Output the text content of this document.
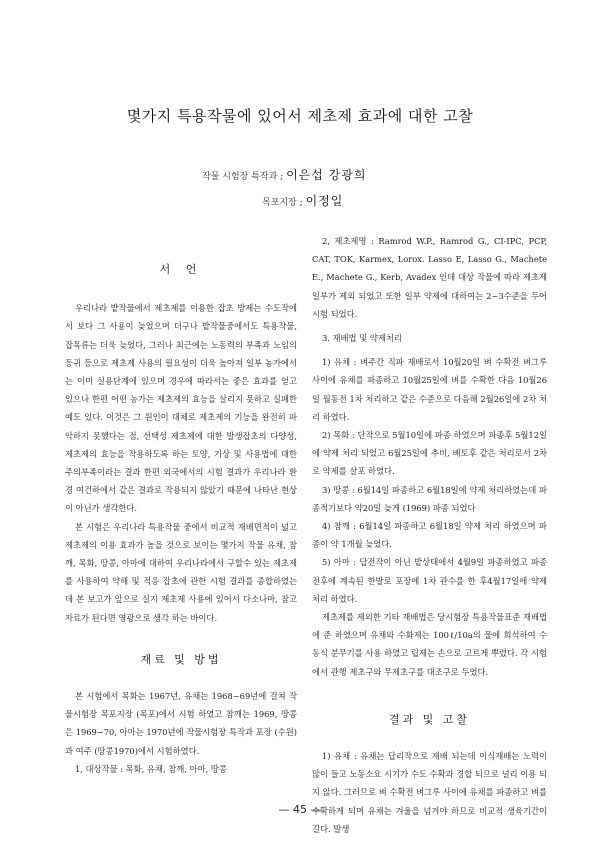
몇가지 특용작물에 있어서 제초제 효과에 대한 고찰
작물 시험장 특작과 ; 이은섭 강광희
목포지장 ; 이정일
서 언

우리나라 밭작물에서 제초제를 이용한 잡초 방제는 수도작에서 보다 그 사용이 늦었으며 더구나 밭작물중에서도 특용작물, 잡목류는 더욱 늦었다, 그러나 최근에는 노동력의 부족과 노임의 등귀 등으로 제초제 사용의 필요성이 더욱 높아져 일부 농가에서는 이미 실용단계에 있으며 경우에 따라서는 좋은 효과를 얻고 있으나 한편 어떤 농가는 제초제의 효능을 살리지 못하고 실패한 예도 있다. 이것은 그 원인이 대체로 제초제의 기능을 완전히 파악하지 못했다는 점, 선택성 제초제에 대한 발생잡초의 다양성, 제초제의 효능을 작용하도록 하는 토양, 기상 및 사용법에 대한 주의부족이라는 결과 한편 외국에서의 시험 결과가 우리나라 환경 여건하에서 같은 결과로 작용되지 않았기 때문에 나타난 현상이 아닌가 생각한다.

본 시험은 우리나라 특용작물 중에서 비교적 재배면적이 넓고 제초제의 이용 효과가 높을 것으로 보이는 몇가지 작물 유채, 참깨, 목화, 땅콩, 아마에 대하여 우리나라에서 구할수 있는 제초제를 사용하여 약해 및 적응 잡초에 관한 시험 결과를 종합하였는데 본 보고가 앞으로 실지 제초제 사용에 있어서 다소나마, 참고 자료가 된다면 영광으로 생각 하는 바이다.

재료 및 방법

본 시험에서 목화는 1967년, 유채는 1968~69년에 걸쳐 작물시험장 목포지장 (목포)에서 시험 하였고 참깨는 1969, 땅콩은 1969~70, 아마는 1970년에 작물시험장 특작과 포장 (수원)과 여주 (땅콩1970)에서 시험하였다.

1, 대상작물 : 목화, 유채, 참깨, 아마, 땅콩

2, 제초제명 : Ramrod W.P., Ramrod G., CI-IPC, PCP, CAT, TOK, Karmex, Lorox. Lasso E, Lasso G., Machete E., Machete G., Kerb, Avadex 인데 대상 작물에 따라 제초제 일부가 제외 되었고 또한 일부 약제에 대하여는 2~3수준을 두어 시험 되었다.

3. 재배법 및 약제처리

1) 유채 : 벼주간 직파 재배로서 10월20일 벼 수확전 벼그루 사이에 유채를 파종하고 10월25일에 벼를 수확한 다음 10월26일 월동전 1차 처리하고 같은 수준으로 다음해 2월26일에 2차 처리 하였다.

2) 목화 : 단작으로 5월10일에 파종 하였으며 파종후 5월12일에 약제 처리 되었고 6월25일에 추비, 배토후 같은 처리로서 2차로 약제를 살포 하였다.

3) 땅콩 : 6월14일 파종하고 6월18일에 약제 처리하였는데 파종적기보다 약20일 늦게 (1969) 파종 되었다

4) 참깨 : 6월14일 파종하고 6월18일 약제 처리 하였으며 파종이 약 1개월 늦었다.

5) 아마 : 답전작이 아닌 밭상태에서 4월9일 파종하였고 파종전후에 계속된 한발로 포장에 1차 관수를 한 후4월17일에 약제 처리 하였다.

제초제를 제외한 기타 재배법은 당시험장 특용작물표준 재배법에 준 하였으며 유채와 수화제는 100ℓ/10a의 물에 희석하여 수동식 분무기를 사용 하였고 립제는 손으로 고르게 뿌렸다. 각 시험에서 관행 제초구와 무제초구를 대조구로 두었다.

결과 및 고찰

1) 유채 : 유채는 답리작으로 재배 되는데 이식재배는 노력이 많이 들고 노동소요 시기가 수도 수확과 경합 되므로 널리 이용 되지 않다. 그러므로 벼 수확전 벼그루 사이에 유채를 파종하고 벼를 수확하게 되며 유채는 겨울을 넘겨야 하므로 비교적 생육기간이 길다. 발생

— 45 —
